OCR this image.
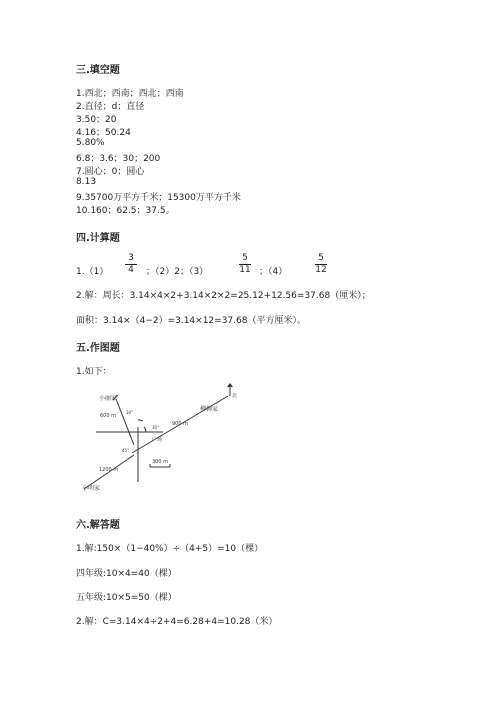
三.填空题
1.西北；西南；西北；西南
2.直径；d；直径
3.50；20
4.16；50.24
5.80%
6.8；3.6；30；200
7.圆心；0；圆心
8.13
9.35700万平方千米；15300万平方千米
10.160；62.5；37.5。
四.计算题
1.（1）
3
4	；（2）2；（3）
5
11 ；（4）
5
12
2.解：周长：3.14×4×2+3.14×2×2=25.12+12.56=37.68（厘米）；
面积：3.14×（4−2）=3.14×12=37.68（平方厘米）。
五.作图题
1.如下：
小丽家
柳柳家
小明家
广场
北
600 m
900 m
1200 m
30°
30°
45°
300 m
六.解答题
1.解:150×（1−40%）÷（4+5）=10（棵）
四年级:10×4=40（棵）
五年级:10×5=50（棵）
2.解：C=3.14×4÷2+4=6.28+4=10.28（米）
